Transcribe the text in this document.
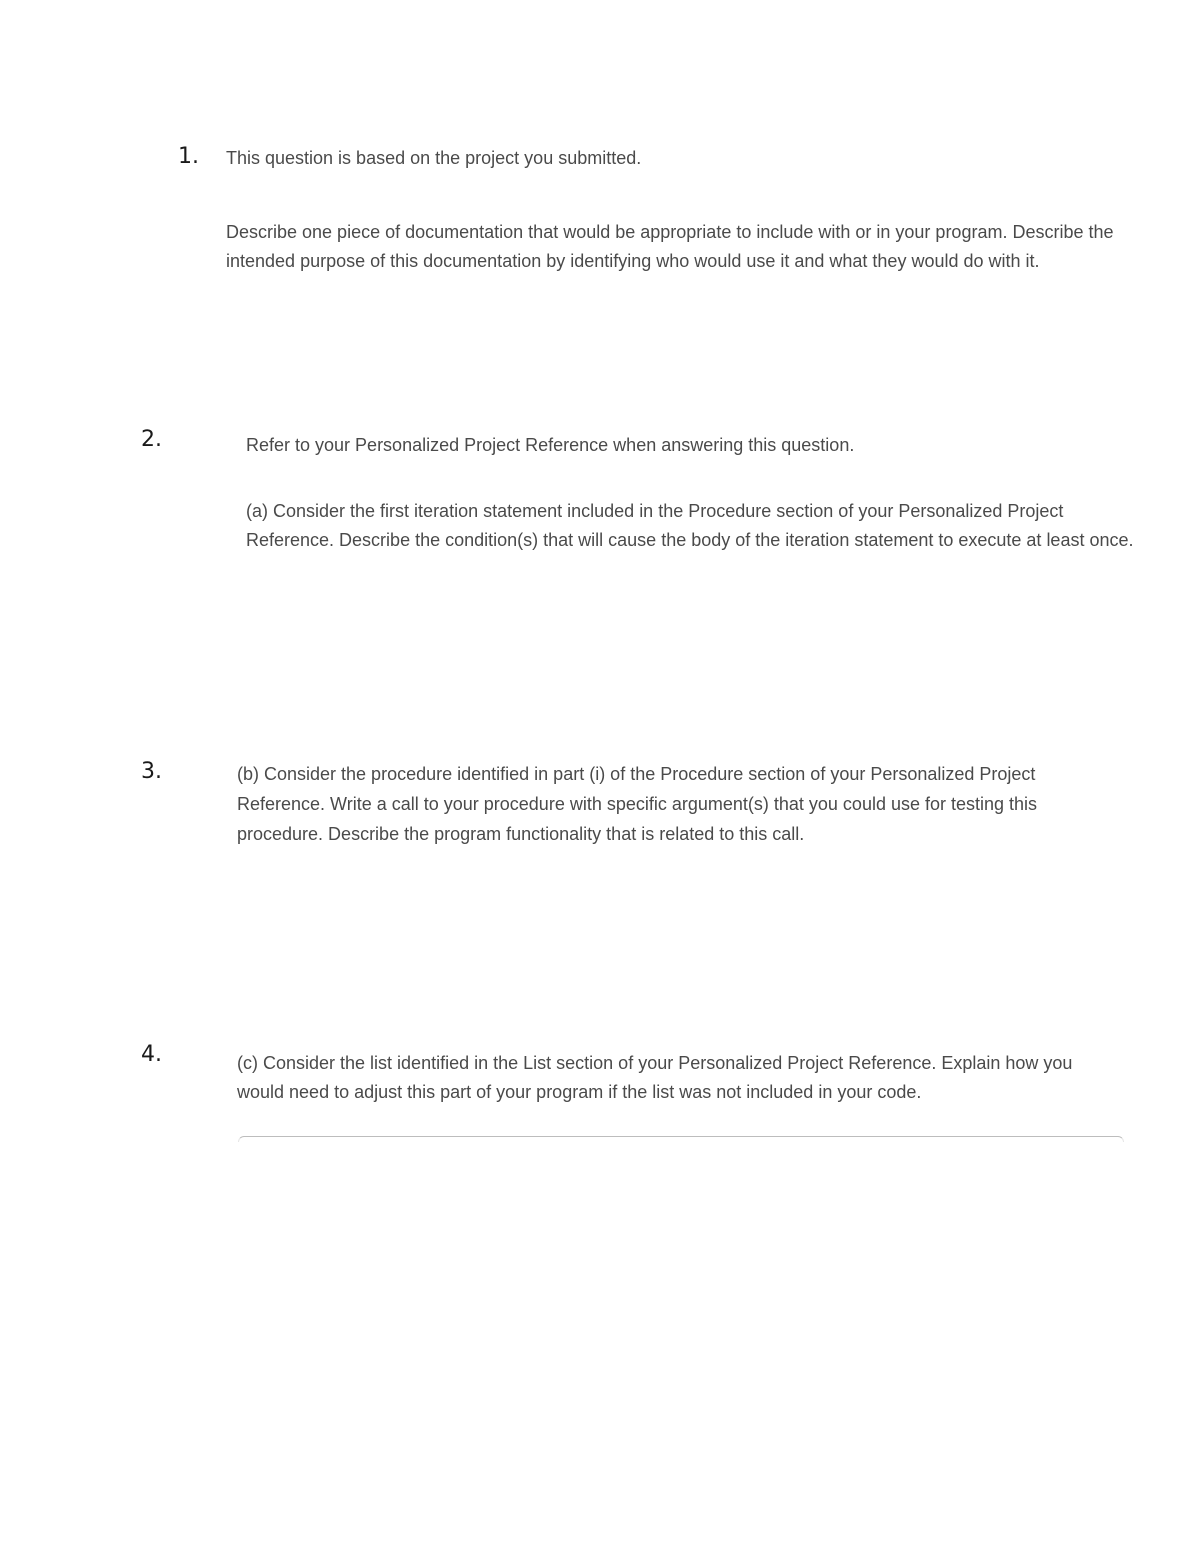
1. This question is based on the project you submitted.

Describe one piece of documentation that would be appropriate to include with or in your program. Describe the intended purpose of this documentation by identifying who would use it and what they would do with it.

2.	Refer to your Personalized Project Reference when answering this question.

(a) Consider the first iteration statement included in the Procedure section of your Personalized Project Reference. Describe the condition(s) that will cause the body of the iteration statement to execute at least once.

3.	(b) Consider the procedure identified in part (i) of the Procedure section of your Personalized Project Reference. Write a call to your procedure with specific argument(s) that you could use for testing this procedure. Describe the program functionality that is related to this call.

4.	(c) Consider the list identified in the List section of your Personalized Project Reference. Explain how you would need to adjust this part of your program if the list was not included in your code.
